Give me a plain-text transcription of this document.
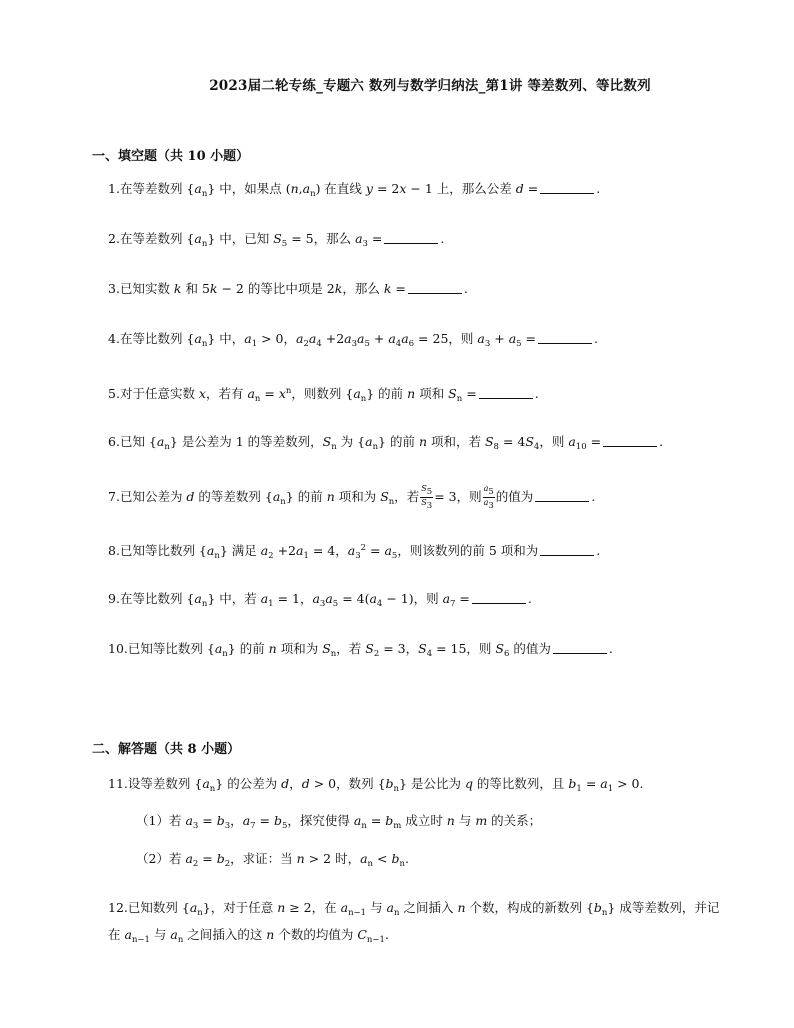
2023届二轮专练_专题六 数列与数学归纳法_第1讲 等差数列、等比数列
一、填空题（共 10 小题）
1.在等差数列 $\{a_n\}$ 中，如果点 $(n,a_n)$ 在直线 y = 2x − 1 上，那么公差 d =	.
2.在等差数列 $\{a_n\}$ 中，已知 $S_5 = 5$，那么 $a_3$ =	.
3.已知实数 k 和 5k − 2 的等比中项是 2k，那么 k =	.
4.在等比数列 $\{a_n\}$ 中，$a_1 > 0$，$a_2a_4 +2a_3a_5 + a_4a_6 = 25$，则 $a_3 + a_5$ =	.
5.对于任意实数 x，若有 $a_n = x^n$，则数列 $\{a_n\}$ 的前 n 项和 $S_n$ =	.
6.已知 $\{a_n\}$ 是公差为 1 的等差数列，$S_n$ 为 $\{a_n\}$ 的前 n 项和，若 $S_8 = 4S_4$，则 $a_{10}$ =	.
7.已知公差为 d 的等差数列 $\{a_n\}$ 的前 n 项和为 $S_n$，若 $\frac{S_5}{S_3} = 3$，则 $\frac{a_5}{a_3}$ 的值为	.
8.已知等比数列 $\{a_n\}$ 满足 $a_2 +2a_1 = 4$，$a_3^2 = a_5$，则该数列的前 5 项和为	.
9.在等比数列 $\{a_n\}$ 中，若 $a_1 = 1$，$a_3a_5 = 4(a_4 - 1)$，则 $a_7$ =	.
10.已知等比数列 $\{a_n\}$ 的前 n 项和为 $S_n$，若 $S_2 = 3$，$S_4 = 15$，则 $S_6$ 的值为	.
二、解答题（共 8 小题）
11.设等差数列 $\{a_n\}$ 的公差为 d，d > 0，数列 $\{b_n\}$ 是公比为 q 的等比数列，且 $b_1 = a_1 > 0$.
（1）若 $a_3 = b_3$，$a_7 = b_5$，探究使得 $a_n = b_m$ 成立时 n 与 m 的关系；
（2）若 $a_2 = b_2$，求证：当 n > 2 时，$a_n < b_n$.
12.已知数列 $\{a_n\}$，对于任意 n ≥ 2，在 $a_{n-1}$ 与 $a_n$ 之间插入 n 个数，构成的新数列 $\{b_n\}$ 成等差数列，并记在 $a_{n-1}$ 与 $a_n$ 之间插入的这 n 个数的均值为 $C_{n-1}$.
